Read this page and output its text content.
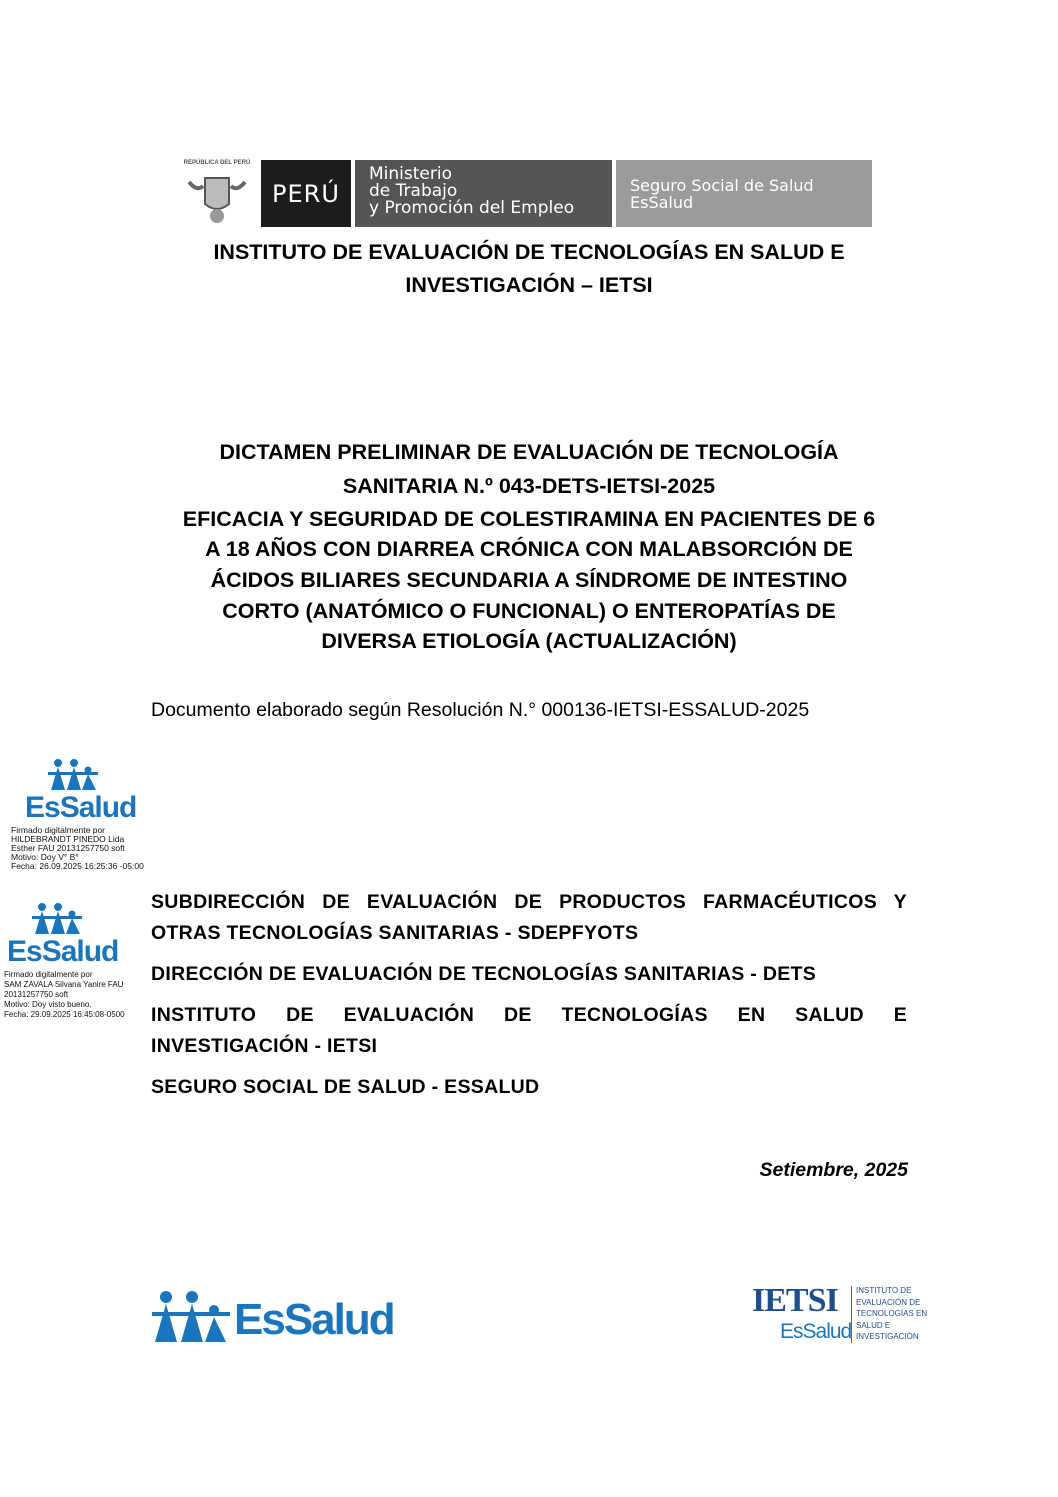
REPÚBLICA DEL PERÚ
PERÚ
Ministerio
de Trabajo
y Promoción del Empleo
Seguro Social de Salud
EsSalud
INSTITUTO DE EVALUACIÓN DE TECNOLOGÍAS EN SALUD E
INVESTIGACIÓN – IETSI
DICTAMEN PRELIMINAR DE EVALUACIÓN DE TECNOLOGÍA
SANITARIA N.º 043-DETS-IETSI-2025
EFICACIA Y SEGURIDAD DE COLESTIRAMINA EN PACIENTES DE 6
A 18 AÑOS CON DIARREA CRÓNICA CON MALABSORCIÓN DE
ÁCIDOS BILIARES SECUNDARIA A SÍNDROME DE INTESTINO
CORTO (ANATÓMICO O FUNCIONAL) O ENTEROPATÍAS DE
DIVERSA ETIOLOGÍA (ACTUALIZACIÓN)
Documento elaborado según Resolución N.° 000136-IETSI-ESSALUD-2025
EsSalud
Firmado digitalmente por
HILDEBRANDT PINEDO Lida
Esther FAU 20131257750 soft
Motivo: Doy V° B°
Fecha: 26.09.2025 16:25:36 -05:00
EsSalud
Firmado digitalmente por
SAM ZAVALA Silvana Yanire FAU
20131257750 soft
Motivo: Doy visto bueno.
Fecha: 29.09.2025 16:45:08-0500
SUBDIRECCIÓN DE EVALUACIÓN DE PRODUCTOS FARMACÉUTICOS Y
OTRAS TECNOLOGÍAS SANITARIAS - SDEPFYOTS
DIRECCIÓN DE EVALUACIÓN DE TECNOLOGÍAS SANITARIAS - DETS
INSTITUTO DE EVALUACIÓN DE TECNOLOGÍAS EN SALUD E
INVESTIGACIÓN - IETSI
SEGURO SOCIAL DE SALUD - ESSALUD
Setiembre, 2025
EsSalud	IETSI
EsSalud
INSTITUTO DE
EVALUACIÓN DE
TECNOLOGÍAS EN
SALUD E
INVESTIGACIÓN
